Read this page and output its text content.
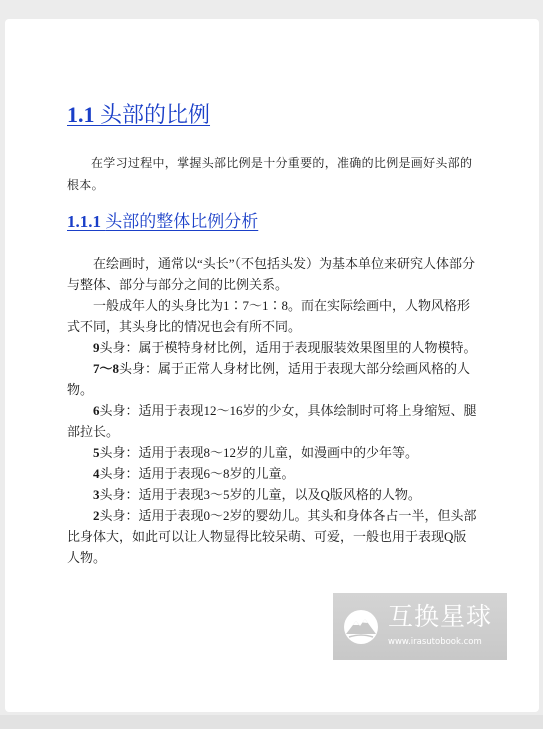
1.1 头部的比例

在学习过程中，掌握头部比例是十分重要的，准确的比例是画好头部的根本。

1.1.1 头部的整体比例分析

在绘画时，通常以“头长”（不包括头发）为基本单位来研究人体部分与整体、部分与部分之间的比例关系。

一般成年人的头身比为1∶7～1∶8。而在实际绘画中，人物风格形式不同，其头身比的情况也会有所不同。

9头身：属于模特身材比例，适用于表现服装效果图里的人物模特。

7～8头身：属于正常人身材比例，适用于表现大部分绘画风格的人物。

6头身：适用于表现12～16岁的少女，具体绘制时可将上身缩短、腿部拉长。

5头身：适用于表现8～12岁的儿童，如漫画中的少年等。

4头身：适用于表现6～8岁的儿童。

3头身：适用于表现3～5岁的儿童，以及Q版风格的人物。

2头身：适用于表现0～2岁的婴幼儿。其头和身体各占一半，但头部比身体大，如此可以让人物显得比较呆萌、可爱，一般也用于表现Q版人物。

互换星球
www.irasutobook.com
